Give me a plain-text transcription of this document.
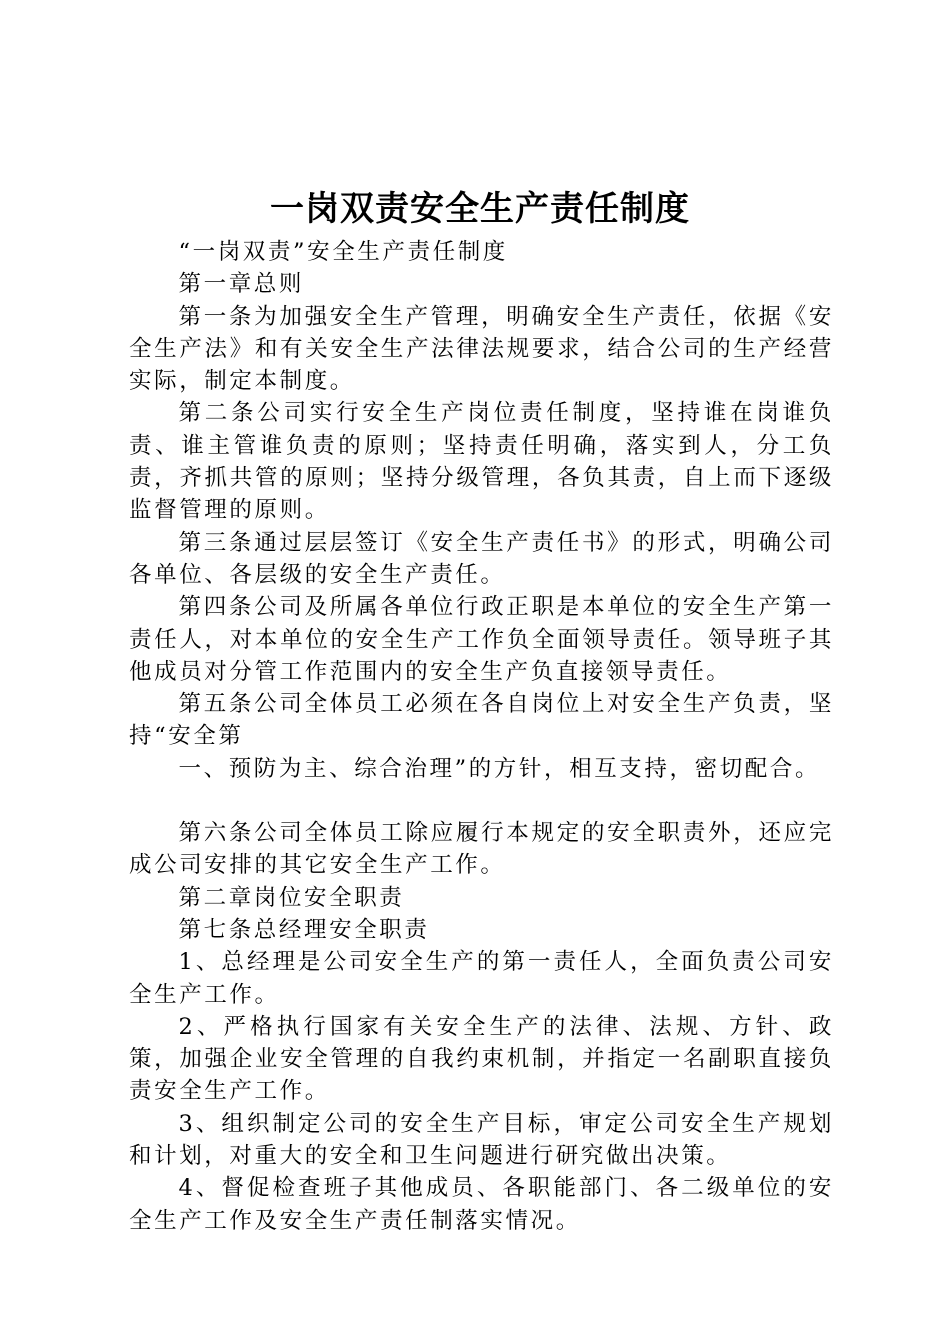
一岗双责安全生产责任制度

“一岗双责”安全生产责任制度

第一章总则

第一条为加强安全生产管理，明确安全生产责任，依据《安全生产法》和有关安全生产法律法规要求，结合公司的生产经营实际，制定本制度。

第二条公司实行安全生产岗位责任制度，坚持谁在岗谁负责、谁主管谁负责的原则；坚持责任明确，落实到人，分工负责，齐抓共管的原则；坚持分级管理，各负其责，自上而下逐级监督管理的原则。

第三条通过层层签订《安全生产责任书》的形式，明确公司各单位、各层级的安全生产责任。

第四条公司及所属各单位行政正职是本单位的安全生产第一责任人，对本单位的安全生产工作负全面领导责任。领导班子其他成员对分管工作范围内的安全生产负直接领导责任。

第五条公司全体员工必须在各自岗位上对安全生产负责，坚持“安全第

一、预防为主、综合治理”的方针，相互支持，密切配合。

第六条公司全体员工除应履行本规定的安全职责外，还应完成公司安排的其它安全生产工作。

第二章岗位安全职责

第七条总经理安全职责

1、总经理是公司安全生产的第一责任人，全面负责公司安全生产工作。

2、严格执行国家有关安全生产的法律、法规、方针、政策，加强企业安全管理的自我约束机制，并指定一名副职直接负责安全生产工作。

3、组织制定公司的安全生产目标，审定公司安全生产规划和计划，对重大的安全和卫生问题进行研究做出决策。

4、督促检查班子其他成员、各职能部门、各二级单位的安全生产工作及安全生产责任制落实情况。
